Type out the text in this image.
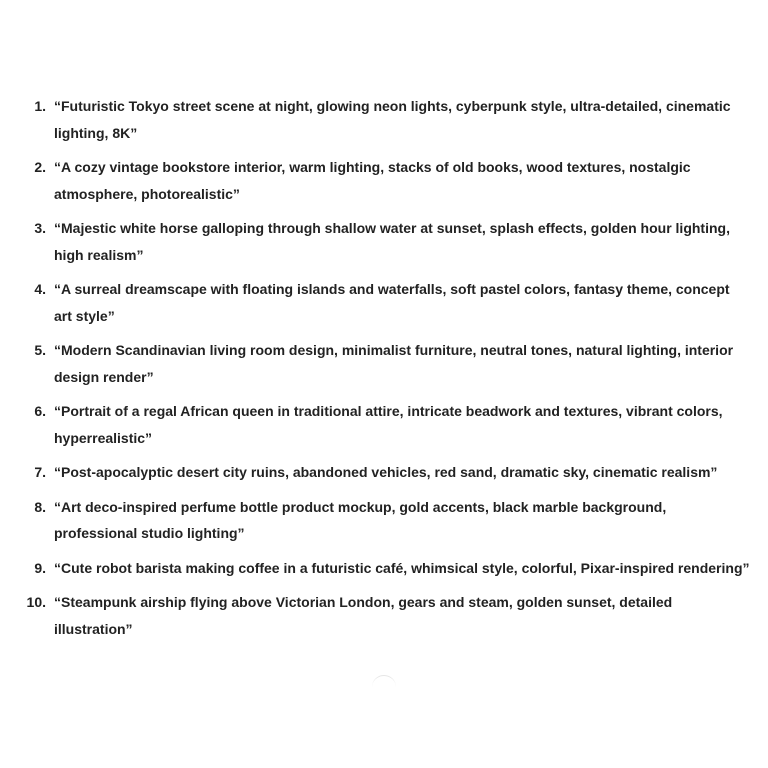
1. “Futuristic Tokyo street scene at night, glowing neon lights, cyberpunk style, ultra-detailed, cinematic lighting, 8K”
2. “A cozy vintage bookstore interior, warm lighting, stacks of old books, wood textures, nostalgic atmosphere, photorealistic”
3. “Majestic white horse galloping through shallow water at sunset, splash effects, golden hour lighting, high realism”
4. “A surreal dreamscape with floating islands and waterfalls, soft pastel colors, fantasy theme, concept art style”
5. “Modern Scandinavian living room design, minimalist furniture, neutral tones, natural lighting, interior design render”
6. “Portrait of a regal African queen in traditional attire, intricate beadwork and textures, vibrant colors, hyperrealistic”
7. “Post-apocalyptic desert city ruins, abandoned vehicles, red sand, dramatic sky, cinematic realism”
8. “Art deco-inspired perfume bottle product mockup, gold accents, black marble background, professional studio lighting”
9. “Cute robot barista making coffee in a futuristic café, whimsical style, colorful, Pixar-inspired rendering”
10. “Steampunk airship flying above Victorian London, gears and steam, golden sunset, detailed illustration”
